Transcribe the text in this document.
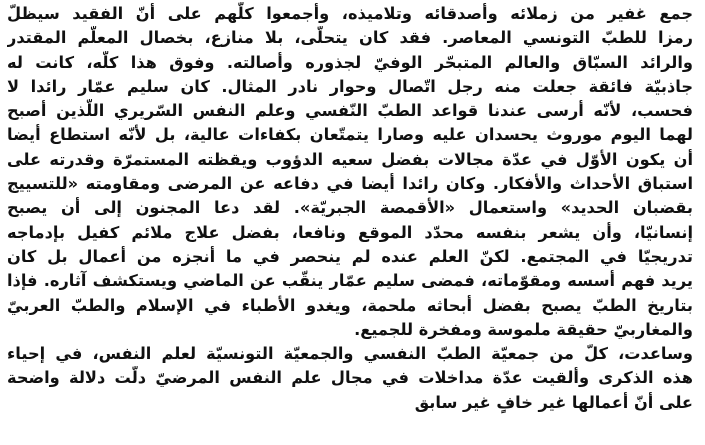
جمع غفير من زملائه وأصدقائه وتلاميذه، وأجمعوا كلّهم على أنّ الفقيد سيظلّ
رمزا للطبّ التونسي المعاصر. فقد كان يتحلّى، بلا منازع، بخصال المعلّم المقتدر
والرائد السبّاق والعالم المتبحّر الوفيّ لجذوره وأصالته. وفوق هذا كلّه، كانت له
جاذبيّة فائقة جعلت منه رجل اتّصال وحوار نادر المثال. كان سليم عمّار رائدا لا
فحسب، لأنّه أرسى عندنا قواعد الطبّ النّفسي وعلم النفس السّريري اللّذين أصبح
لهما اليوم موروث يحسدان عليه وصارا يتمتّعان بكفاءات عالية، بل لأنّه استطاع أيضا
أن يكون الأوّل في عدّة مجالات بفضل سعيه الدؤوب ويقظته المستمرّة وقدرته على
استباق الأحداث والأفكار. وكان رائدا أيضا في دفاعه عن المرضى ومقاومته «للتسييج
بقضبان الحديد» واستعمال «الأقمصة الجبريّة». لقد دعا المجنون إلى أن يصبح
إنسانيّا، وأن يشعر بنفسه محدّد الموقع ونافعا، بفضل علاج ملائم كفيل بإدماجه
تدريجيّا في المجتمع. لكنّ العلم عنده لم ينحصر في ما أنجزه من أعمال بل كان
يريد فهم أسسه ومقوّماته، فمضى سليم عمّار ينقّب عن الماضي ويستكشف آثاره. فإذا
بتاريخ الطبّ يصبح بفضل أبحاثه ملحمة، ويغدو الأطباء في الإسلام والطبّ العربيّ
والمغاربيّ حقيقة ملموسة ومفخرة للجميع.
وساعدت، كلّ من جمعيّة الطبّ النفسي والجمعيّة التونسيّة لعلم النفس، في إحياء
هذه الذكرى وألقيت عدّة مداخلات في مجال علم النفس المرضيّ دلّت دلالة واضحة
على أنّ أعمالها غير خافٍ غير سابق
